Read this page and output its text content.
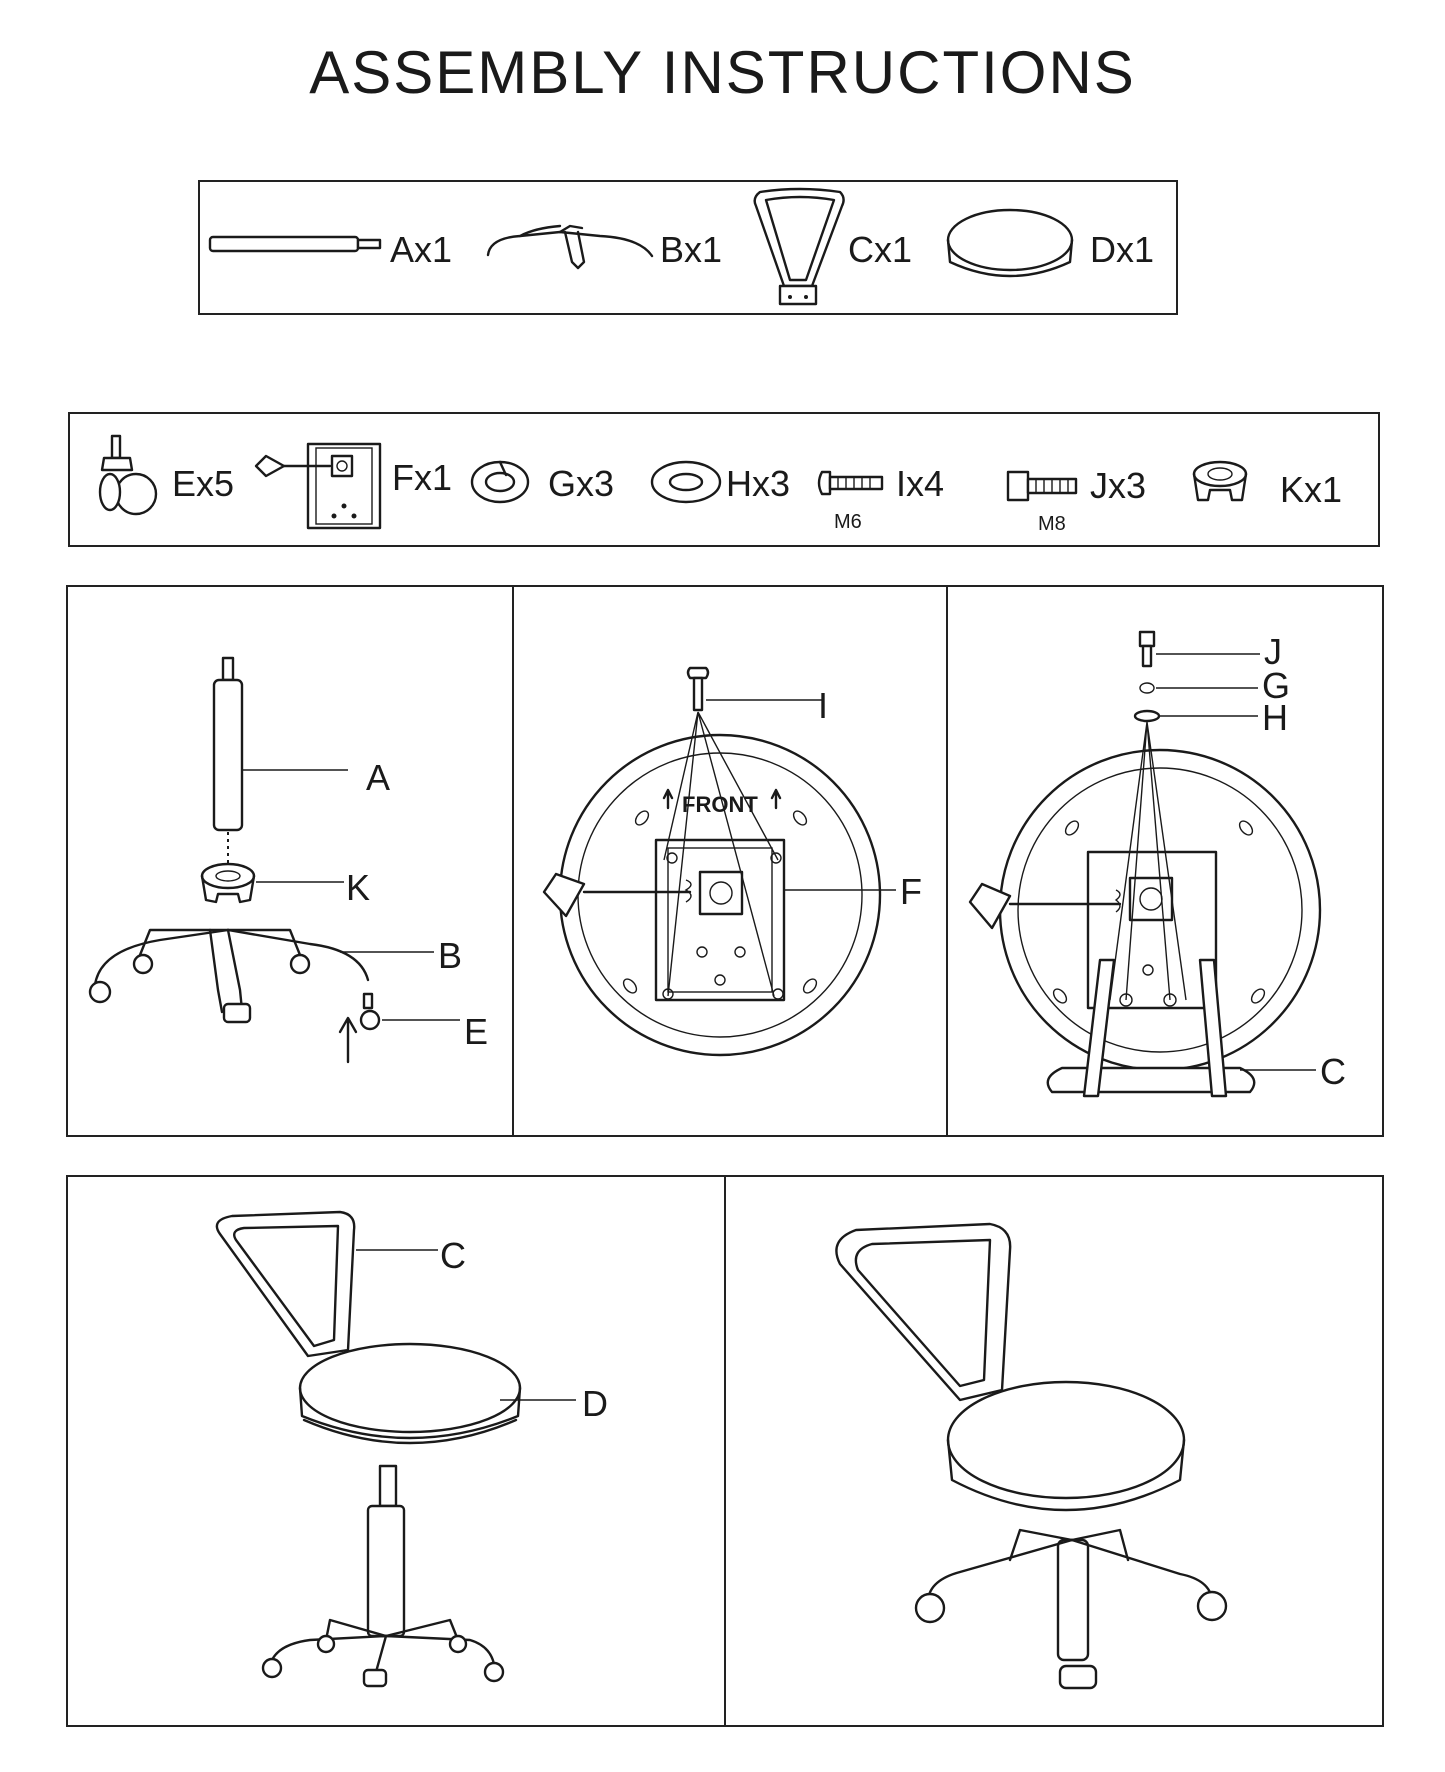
ASSEMBLY INSTRUCTIONS
Ax1	Bx1	Cx1	Dx1
Ex5	Fx1	Gx3	Hx3	Ix4
M6
Jx3
M8
Kx1
A
K
B
E
FRONT
I
F
J
G
H
C
C
D
